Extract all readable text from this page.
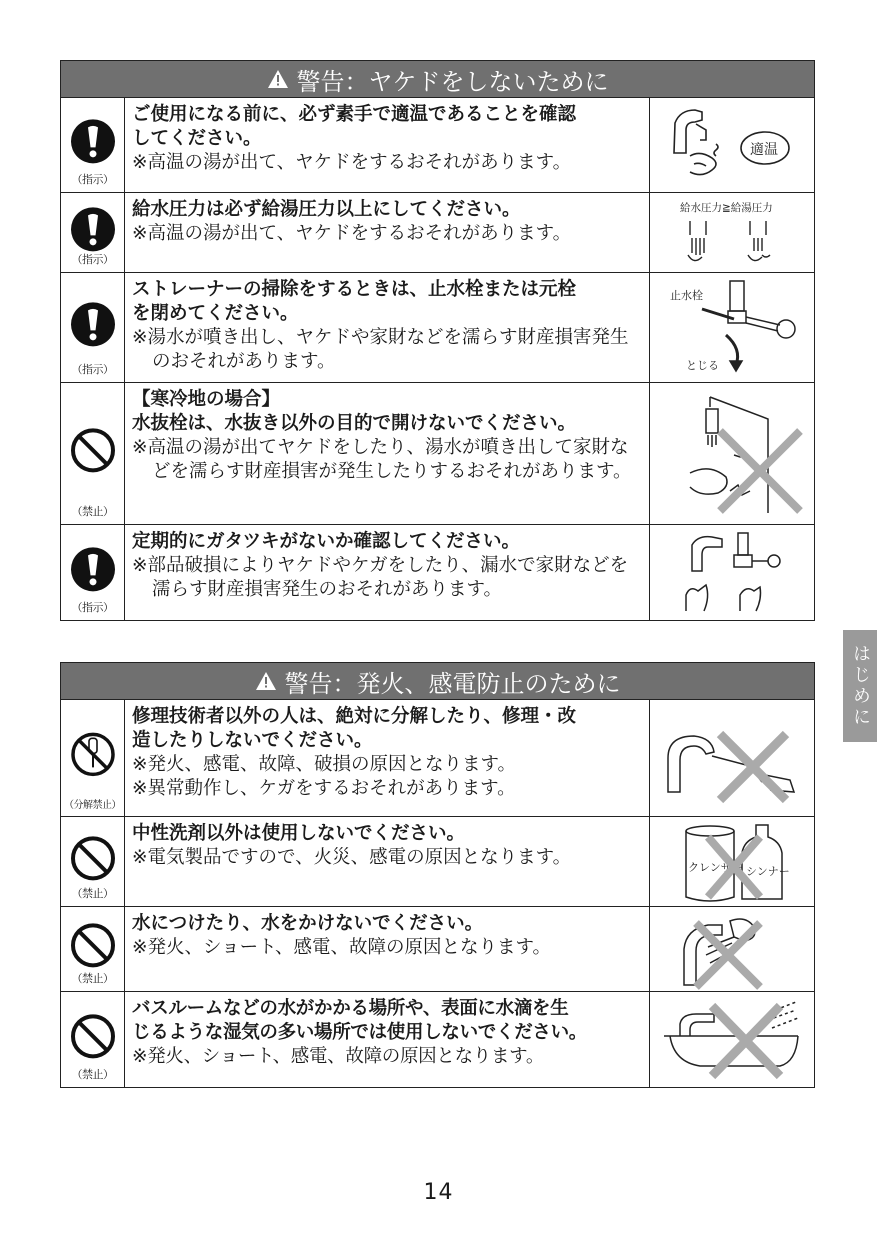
警告：ヤケドをしないために
（指示）
ご使用になる前に、必ず素手で適温であることを確認
してください。
※高温の湯が出て、ヤケドをするおそれがあります。
適温
（指示）
給水圧力は必ず給湯圧力以上にしてください。
※高温の湯が出て、ヤケドをするおそれがあります。
給水圧力≧給湯圧力
（指示）
ストレーナーの掃除をするときは、止水栓または元栓
を閉めてください。
※湯水が噴き出し、ヤケドや家財などを濡らす財産損害発生のおそれがあります。
止水栓
とじる
（禁止）
【寒冷地の場合】
水抜栓は、水抜き以外の目的で開けないでください。
※高温の湯が出てヤケドをしたり、湯水が噴き出して家財などを濡らす財産損害が発生したりするおそれがあります。
（指示）
定期的にガタツキがないか確認してください。
※部品破損によりヤケドやケガをしたり、漏水で家財などを濡らす財産損害発生のおそれがあります。
警告：発火、感電防止のために
（分解禁止）
修理技術者以外の人は、絶対に分解したり、修理・改
造したりしないでください。
※発火、感電、故障、破損の原因となります。
※異常動作し、ケガをするおそれがあります。
（禁止）
中性洗剤以外は使用しないでください。
※電気製品ですので、火災、感電の原因となります。	クレンザー シンナー
（禁止）
水につけたり、水をかけないでください。
※発火、ショート、感電、故障の原因となります。
（禁止）
バスルームなどの水がかかる場所や、表面に水滴を生
じるような湿気の多い場所では使用しないでください。
※発火、ショート、感電、故障の原因となります。
はじめに
14
